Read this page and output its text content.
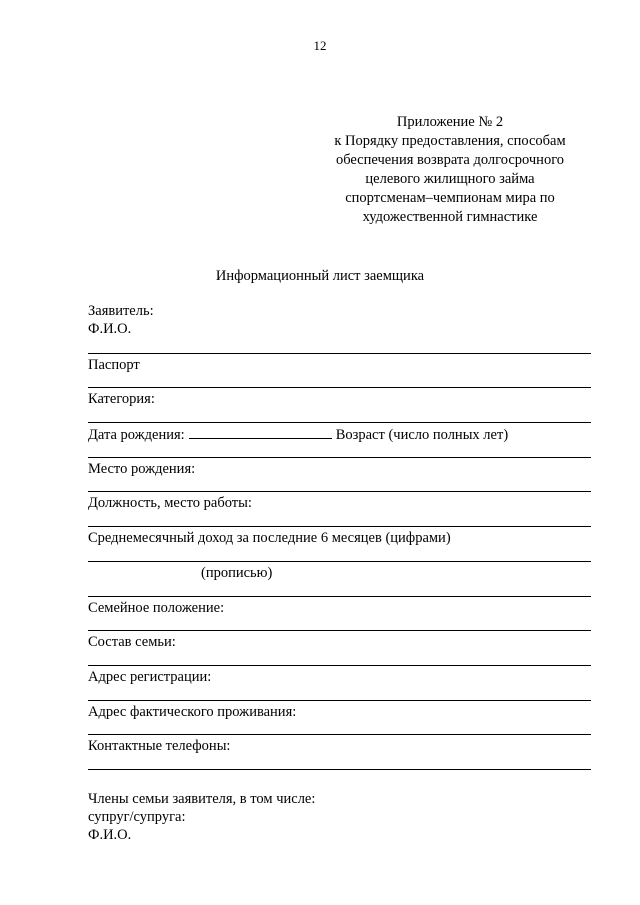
12
Приложение № 2
к Порядку предоставления, способам
обеспечения возврата долгосрочного
целевого жилищного займа
спортсменам–чемпионам мира по
художественной гимнастике
Информационный лист заемщика
Заявитель:
Ф.И.О.
Паспорт
Категория:
Дата рождения:	Возраст (число полных лет)
Место рождения:
Должность, место работы:
Среднемесячный доход за последние 6 месяцев (цифрами)
(прописью)
Семейное положение:
Состав семьи:
Адрес регистрации:
Адрес фактического проживания:
Контактные телефоны:
Члены семьи заявителя, в том числе:
супруг/супруга:
Ф.И.О.
